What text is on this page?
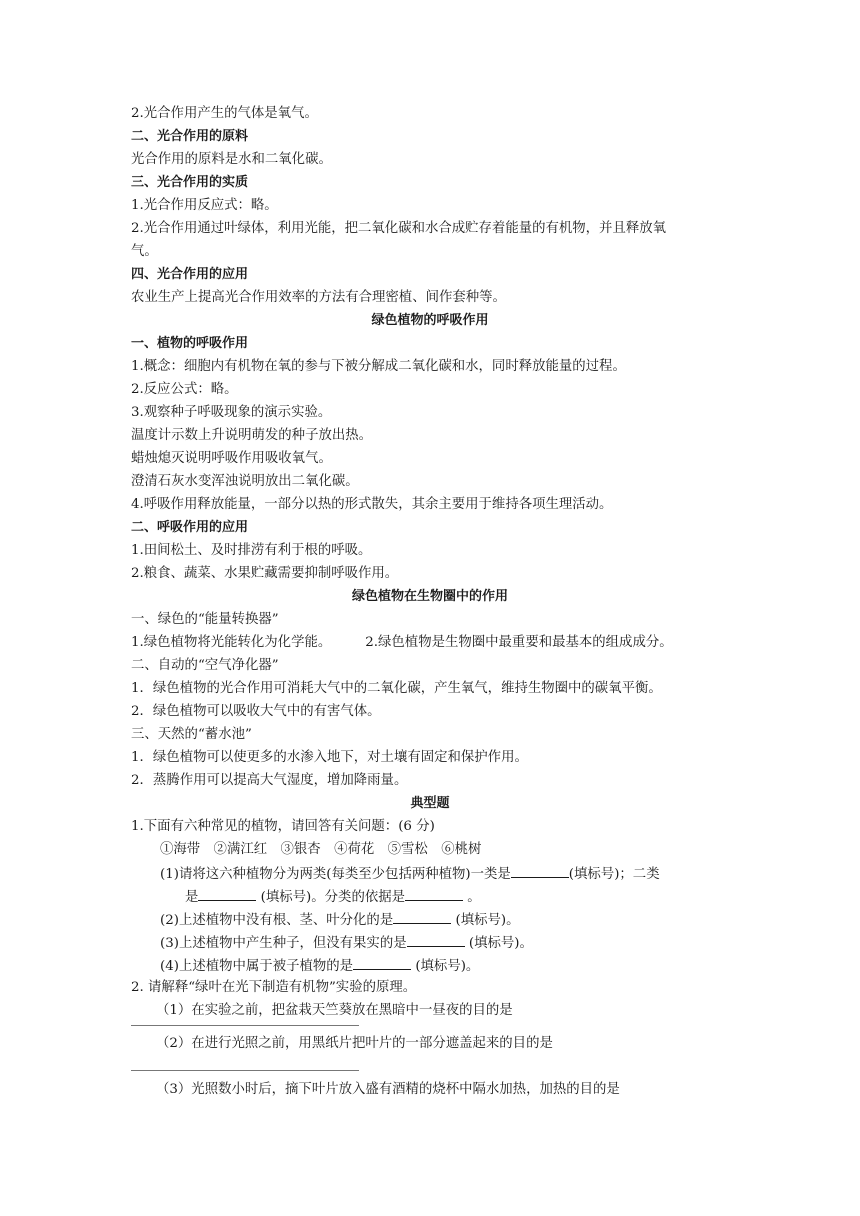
2.光合作用产生的气体是氧气。
二、光合作用的原料
光合作用的原料是水和二氧化碳。
三、光合作用的实质
1.光合作用反应式：略。
2.光合作用通过叶绿体，利用光能，把二氧化碳和水合成贮存着能量的有机物，并且释放氧
气。
四、光合作用的应用
农业生产上提高光合作用效率的方法有合理密植、间作套种等。
绿色植物的呼吸作用
一、植物的呼吸作用
1.概念：细胞内有机物在氧的参与下被分解成二氧化碳和水，同时释放能量的过程。
2.反应公式：略。
3.观察种子呼吸现象的演示实验。
温度计示数上升说明萌发的种子放出热。
蜡烛熄灭说明呼吸作用吸收氧气。
澄清石灰水变浑浊说明放出二氧化碳。
4.呼吸作用释放能量，一部分以热的形式散失，其余主要用于维持各项生理活动。
二、呼吸作用的应用
1.田间松土、及时排涝有利于根的呼吸。
2.粮食、蔬菜、水果贮藏需要抑制呼吸作用。
绿色植物在生物圈中的作用
一、绿色的“能量转换器”
1.绿色植物将光能转化为化学能。	2.绿色植物是生物圈中最重要和最基本的组成成分。
二、自动的“空气净化器”
1．绿色植物的光合作用可消耗大气中的二氧化碳，产生氧气，维持生物圈中的碳氧平衡。
2．绿色植物可以吸收大气中的有害气体。
三、天然的“蓄水池”
1．绿色植物可以使更多的水渗入地下，对土壤有固定和保护作用。
2．蒸腾作用可以提高大气湿度，增加降雨量。
典型题
1.下面有六种常见的植物，请回答有关问题：(6 分)
①海带　②满江红　③银杏　④荷花　⑤雪松　⑥桃树
(1)请将这六种植物分为两类(每类至少包括两种植物)一类是	(填标号)；二类
是	(填标号)。分类的依据是	。
(2)上述植物中没有根、茎、叶分化的是	(填标号)。
(3)上述植物中产生种子，但没有果实的是	(填标号)。
(4)上述植物中属于被子植物的是	(填标号)。
2. 请解释“绿叶在光下制造有机物”实验的原理。
（1）在实验之前，把盆栽天竺葵放在黑暗中一昼夜的目的是
（2）在进行光照之前，用黑纸片把叶片的一部分遮盖起来的目的是
（3）光照数小时后，摘下叶片放入盛有酒精的烧杯中隔水加热，加热的目的是
